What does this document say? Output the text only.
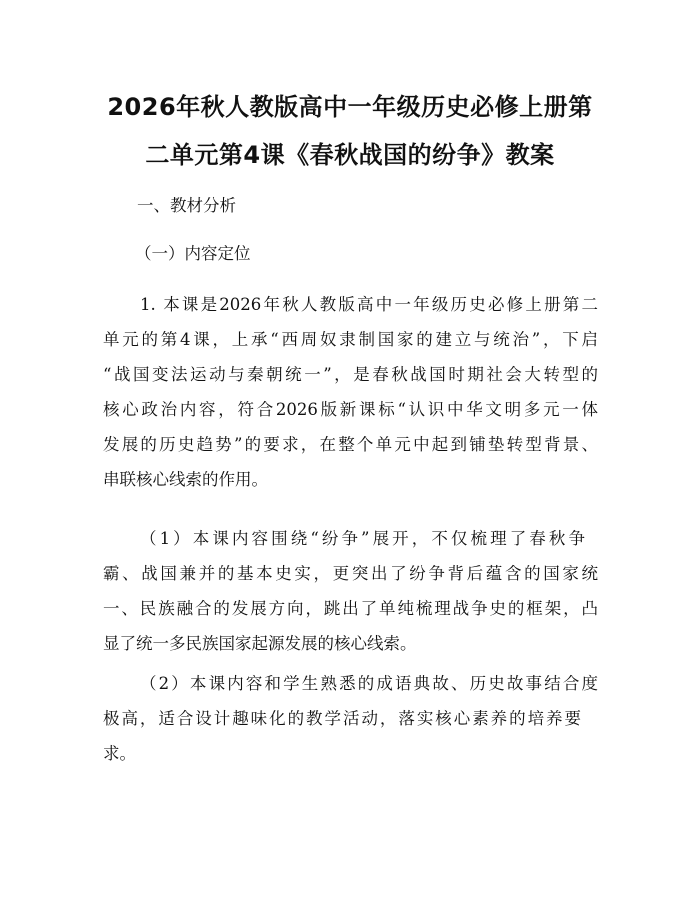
2026年秋人教版高中一年级历史必修上册第
二单元第4课《春秋战国的纷争》教案

一、教材分析

（一）内容定位

1. 本课是2026年秋人教版高中一年级历史必修上册第二

单元的第4课，上承“西周奴隶制国家的建立与统治”，下启

“战国变法运动与秦朝统一”，是春秋战国时期社会大转型的

核心政治内容，符合2026版新课标“认识中华文明多元一体

发展的历史趋势”的要求，在整个单元中起到铺垫转型背景、

串联核心线索的作用。

（1）本课内容围绕“纷争”展开，不仅梳理了春秋争

霸、战国兼并的基本史实，更突出了纷争背后蕴含的国家统

一、民族融合的发展方向，跳出了单纯梳理战争史的框架，凸

显了统一多民族国家起源发展的核心线索。

（2）本课内容和学生熟悉的成语典故、历史故事结合度

极高，适合设计趣味化的教学活动，落实核心素养的培养要

求。
